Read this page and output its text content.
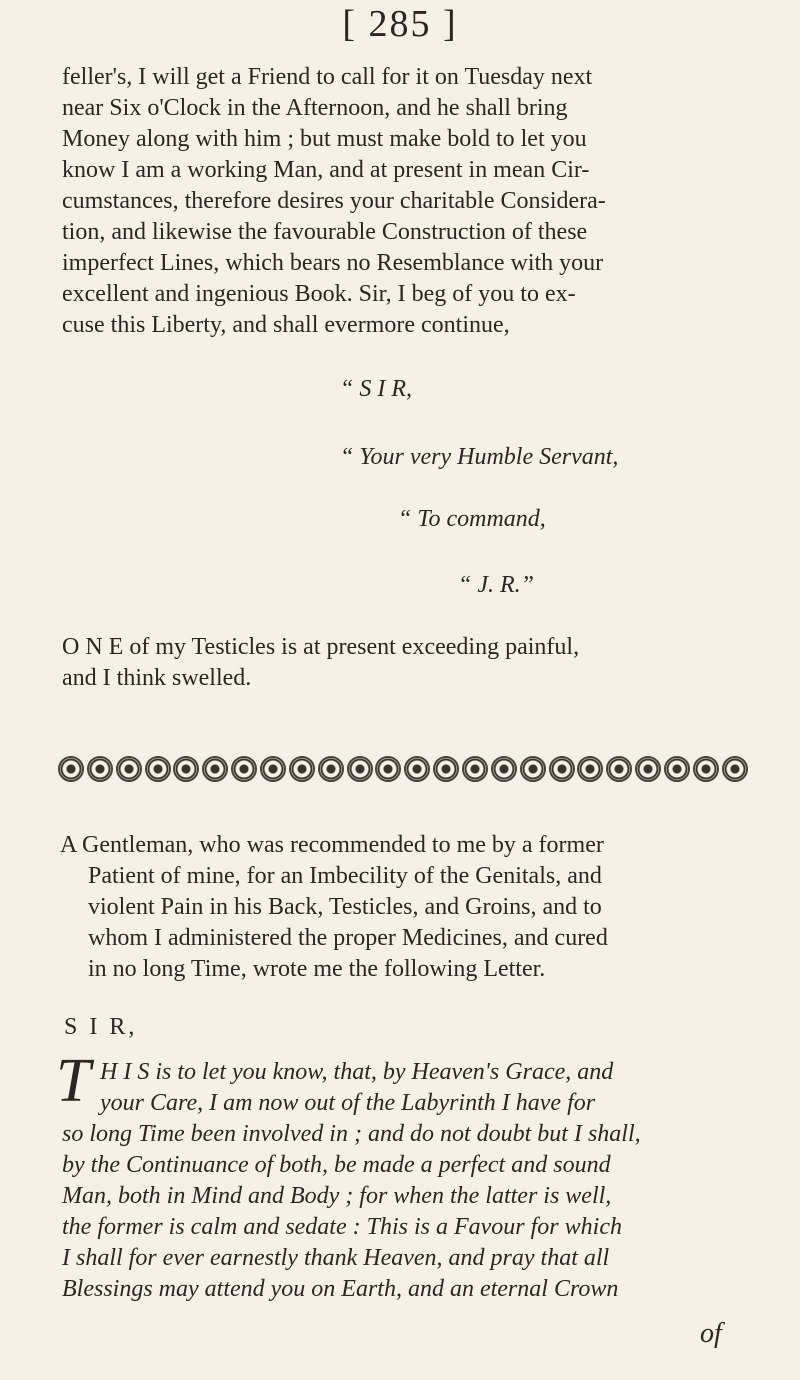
[ 285 ]
feller's, I will get a Friend to call for it on Tuesday next
near Six o'Clock in the Afternoon, and he shall bring
Money along with him ; but must make bold to let you
know I am a working Man, and at present in mean Cir-
cumstances, therefore desires your charitable Considera-
tion, and likewise the favourable Construction of these
imperfect Lines, which bears no Resemblance with your
excellent and ingenious Book. Sir, I beg of you to ex-
cuse this Liberty, and shall evermore continue,
“ S I R,
“ Your very Humble Servant,
“ To command,
“ J. R.”
O N E of my Testicles is at present exceeding painful,
and I think swelled.
A Gentleman, who was recommended to me by a former
Patient of mine, for an Imbecility of the Genitals, and
violent Pain in his Back, Testicles, and Groins, and to
whom I administered the proper Medicines, and cured
in no long Time, wrote me the following Letter.
S I R,
T H I S is to let you know, that, by Heaven's Grace, and
your Care, I am now out of the Labyrinth I have for
so long Time been involved in ; and do not doubt but I shall,
by the Continuance of both, be made a perfect and sound
Man, both in Mind and Body ; for when the latter is well,
the former is calm and sedate : This is a Favour for which
I shall for ever earnestly thank Heaven, and pray that all
Blessings may attend you on Earth, and an eternal Crown
of
